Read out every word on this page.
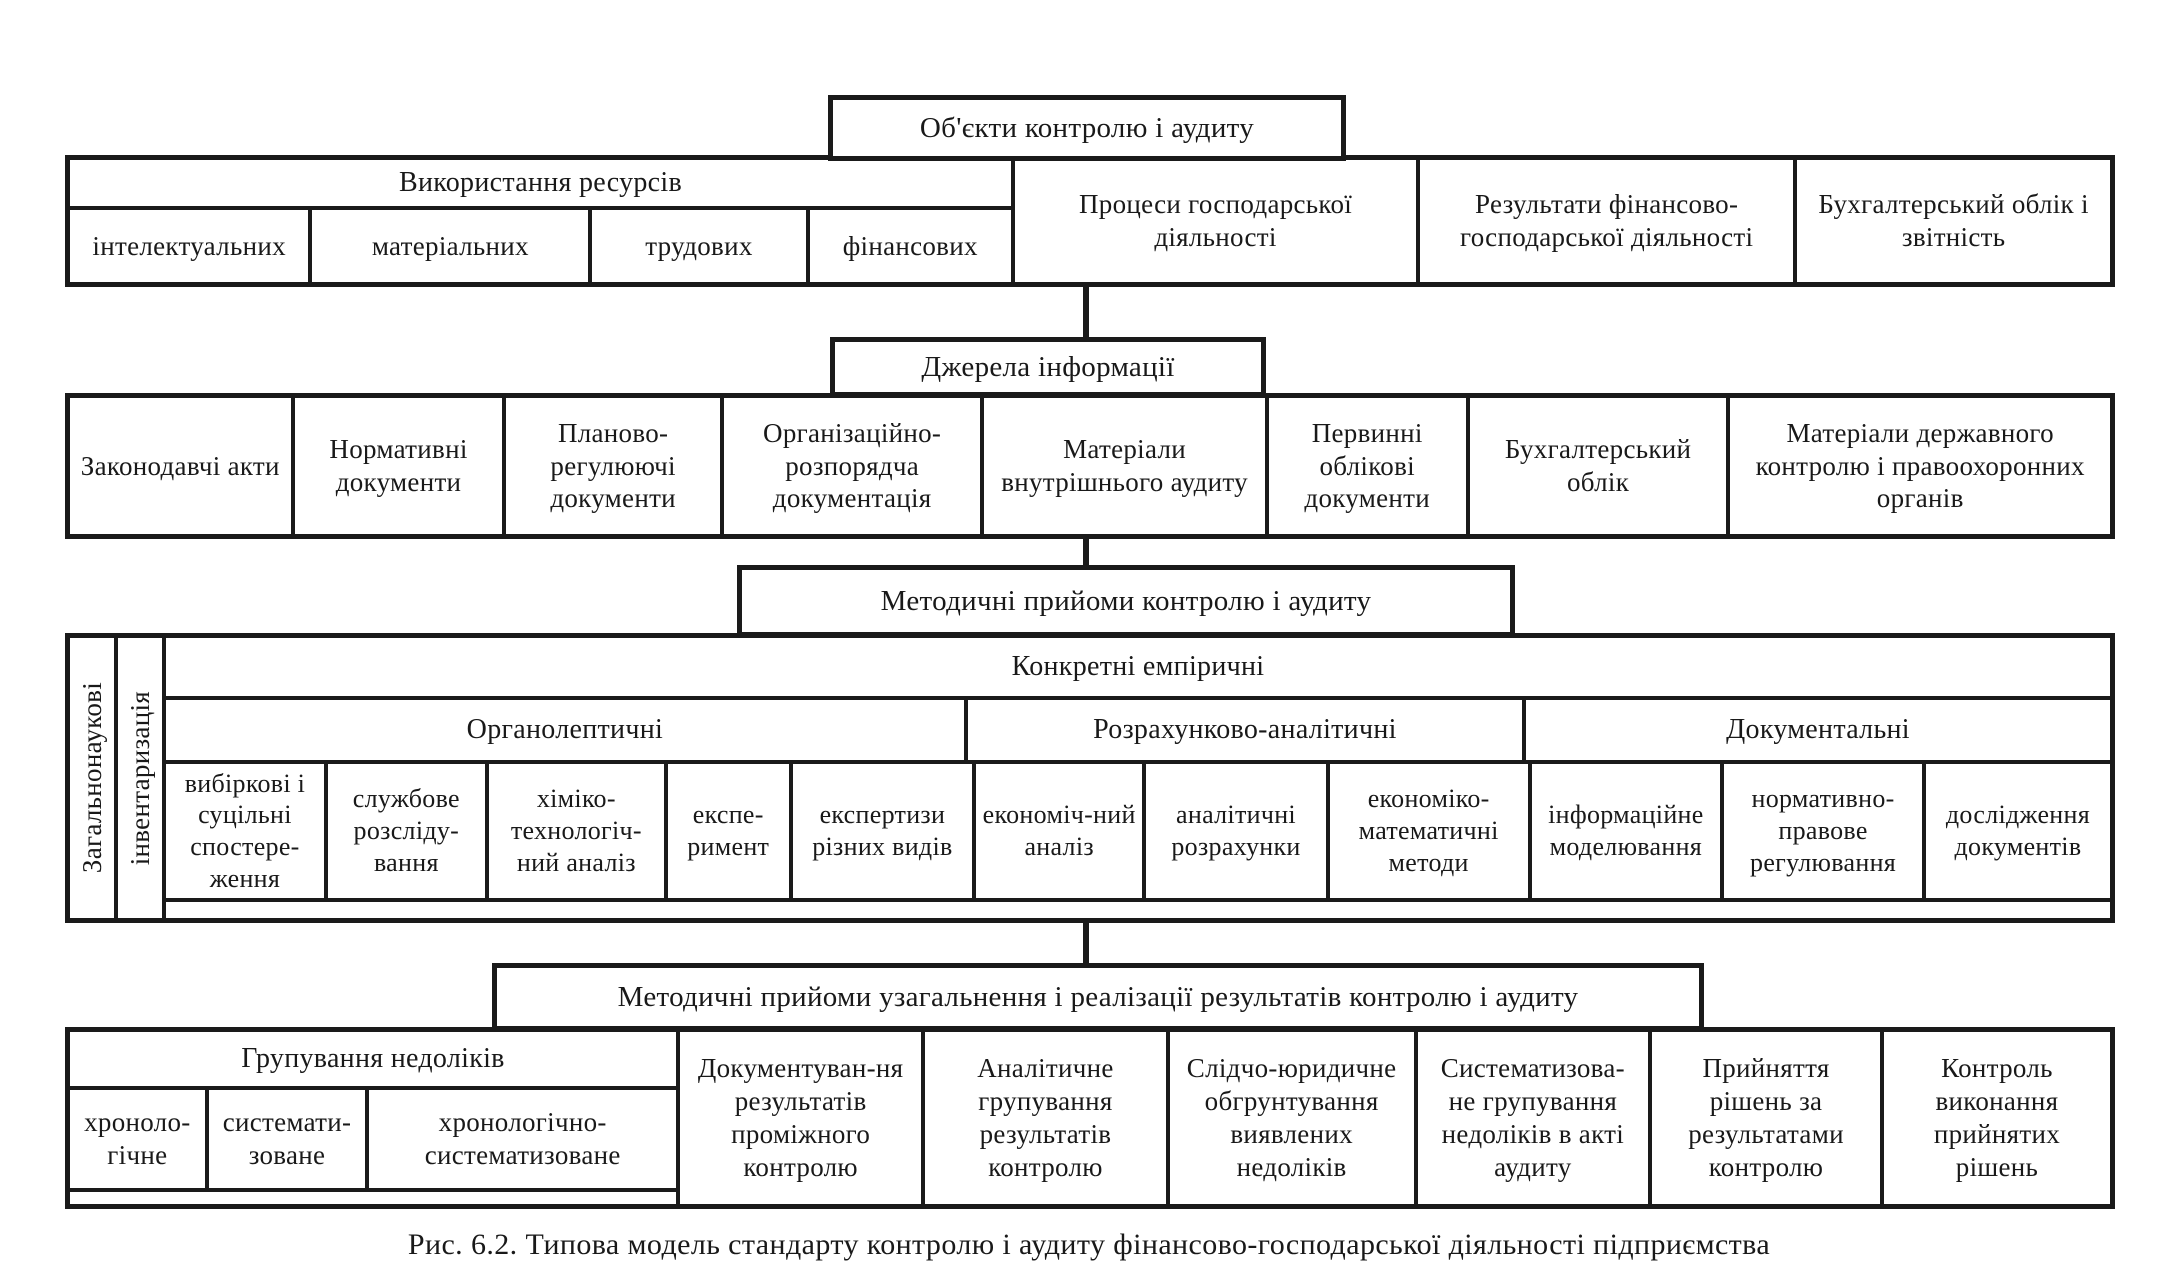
Об'єкти контролю і аудиту
Використання ресурсів
інтелектуальних	матеріальних	трудових	фінансових
Процеси господарської діяльності
Результати фінансово-господарської діяльності
Бухгалтерський облік і звітність
Джерела інформації
Законодавчі акти
Нормативні документи
Планово-регулюючі документи
Організаційно-розпорядча документація
Матеріали внутрішнього аудиту
Первинні облікові документи
Бухгалтерський облік
Матеріали державного контролю і правоохоронних органів
Методичні прийоми контролю і аудиту
Загальнонаукові інвентаризація
Конкретні емпіричні
Органолептичні	Розрахунково-аналітичні	Документальні
вибіркові і суцільні спостере-ження
службове розсліду-вання
хіміко-технологіч-ний аналіз
експе-римент
експертизи різних видів
економіч-ний аналіз
аналітичні розрахунки
економіко-математичні методи
інформаційне моделювання
нормативно-правове регулювання
дослідження документів
Методичні прийоми узагальнення і реалізації результатів контролю і аудиту
Групування недоліків
хроноло-гічне
системати-зоване
хронологічно-систематизоване
Документуван-ня результатів проміжного контролю
Аналітичне групування результатів контролю
Слідчо-юридичне обгрунтування виявлених недоліків
Систематизова-не групування недоліків в акті аудиту
Прийняття рішень за результатами контролю
Контроль виконання прийнятих рішень
Рис. 6.2. Типова модель стандарту контролю і аудиту фінансово-господарської діяльності підприємства
